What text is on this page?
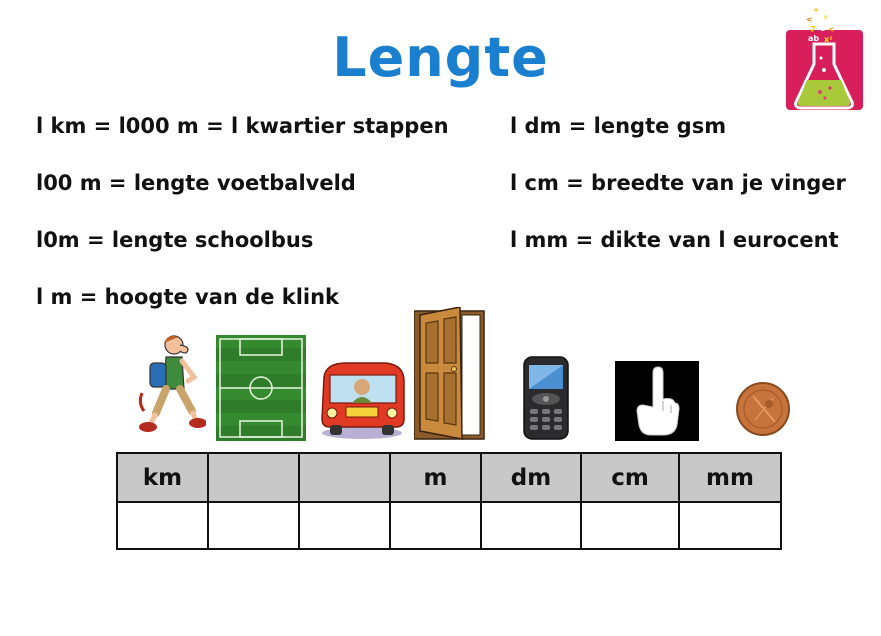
Lengte
*
< x r
7 o <
ab x²
l km = l000 m = l kwartier stappen
l00 m = lengte voetbalveld
l0m = lengte schoolbus
l m = hoogte van de klink
l dm = lengte gsm
l cm = breedte van je vinger
l mm = dikte van l eurocent
km			m	dm	cm	mm
